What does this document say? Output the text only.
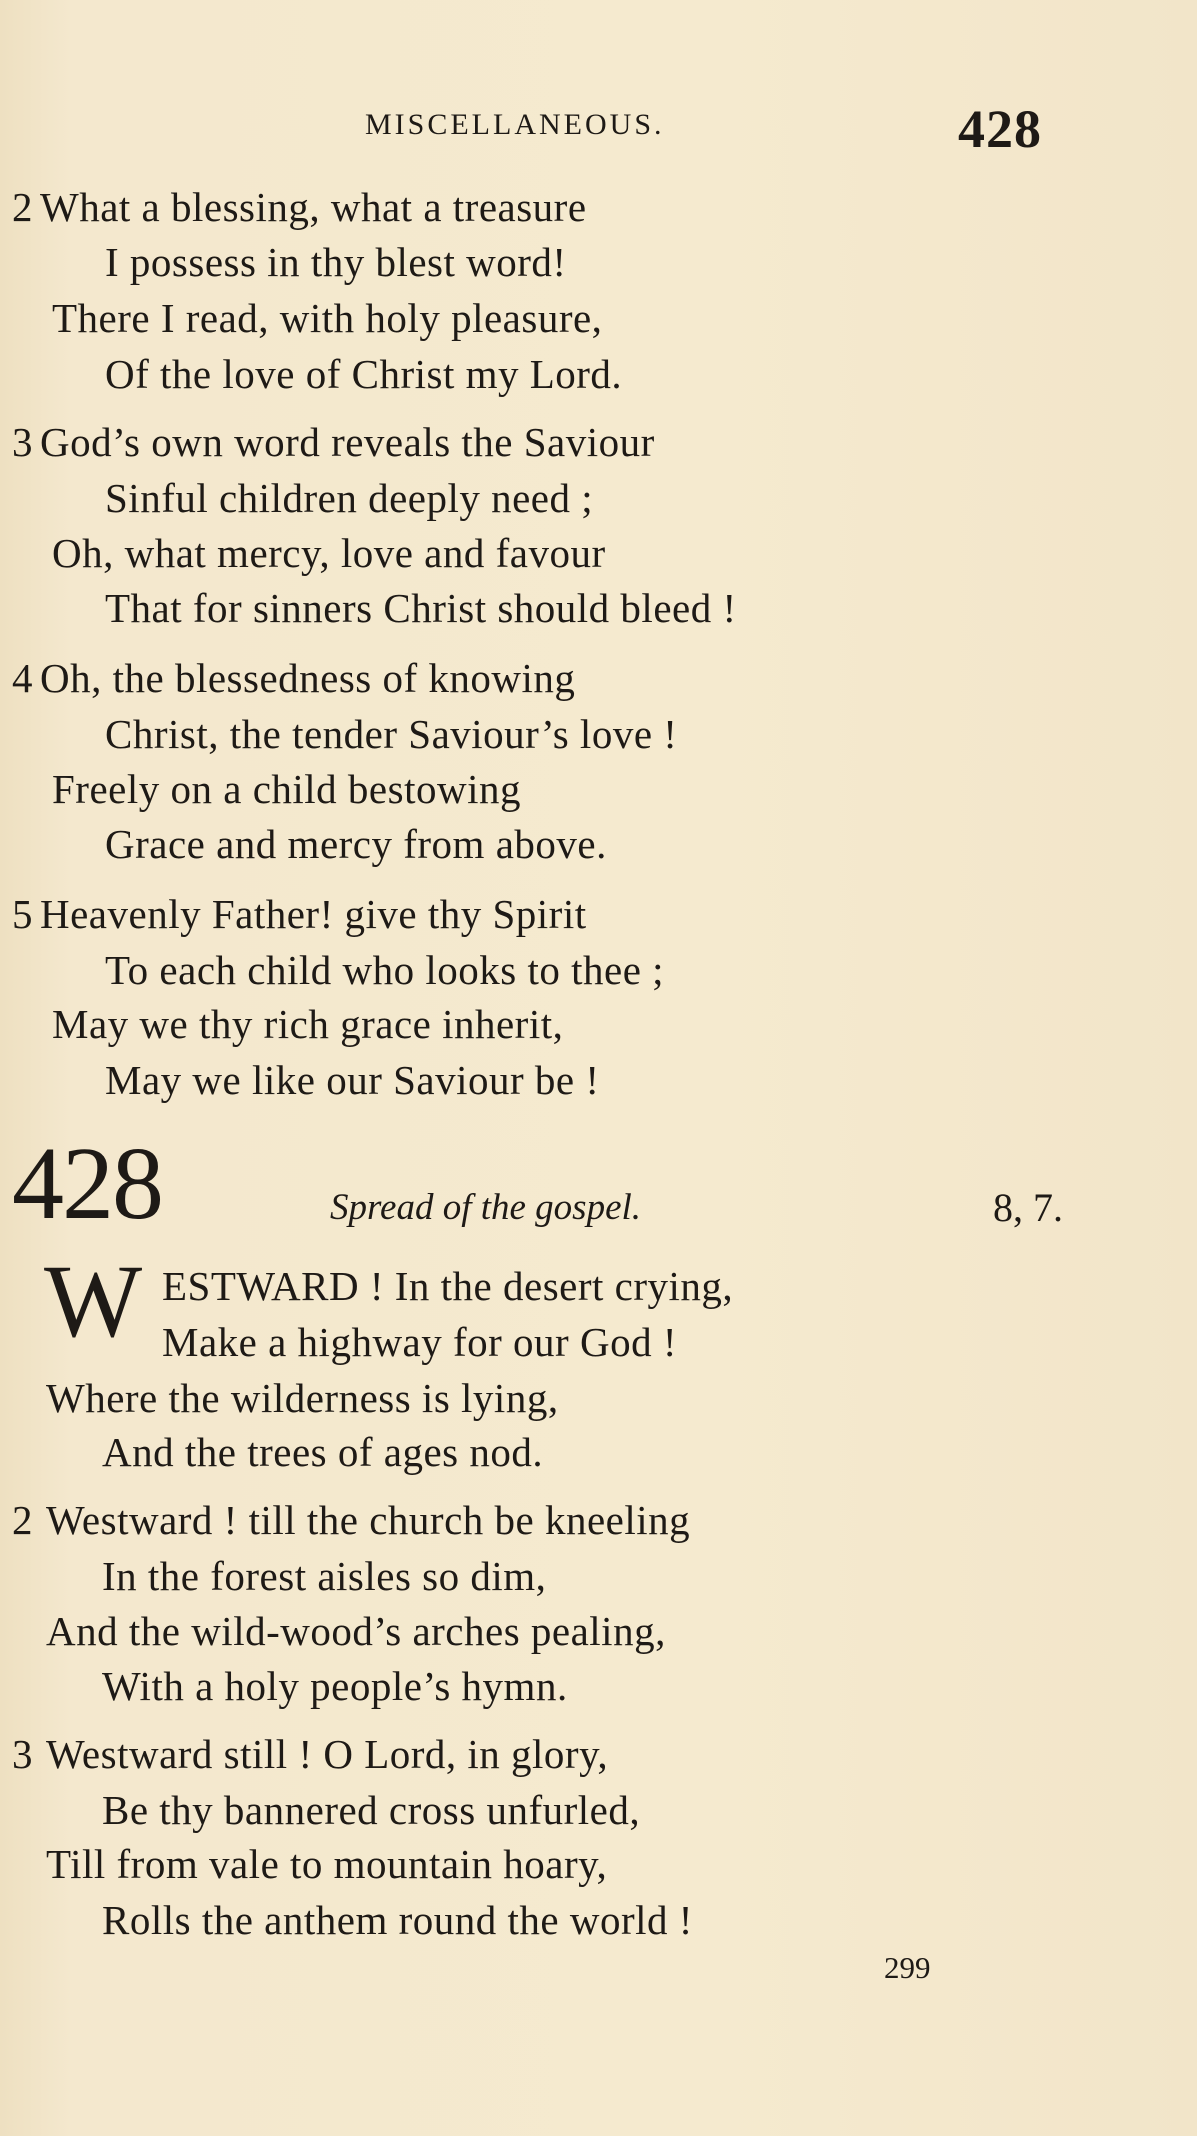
MISCELLANEOUS.	428
2 What a blessing, what a treasure
I possess in thy blest word!
There I read, with holy pleasure,
Of the love of Christ my Lord.
3 God’s own word reveals the Saviour
Sinful children deeply need ;
Oh, what mercy, love and favour
That for sinners Christ should bleed !
4 Oh, the blessedness of knowing
Christ, the tender Saviour’s love !
Freely on a child bestowing
Grace and mercy from above.
5 Heavenly Father! give thy Spirit
To each child who looks to thee ;
May we thy rich grace inherit,
May we like our Saviour be !
428	Spread of the gospel.	8, 7.
W ESTWARD ! In the desert crying,
Make a highway for our God !
Where the wilderness is lying,
And the trees of ages nod.
2 Westward ! till the church be kneeling
In the forest aisles so dim,
And the wild-wood’s arches pealing,
With a holy people’s hymn.
3 Westward still ! O Lord, in glory,
Be thy bannered cross unfurled,
Till from vale to mountain hoary,
Rolls the anthem round the world !
299
